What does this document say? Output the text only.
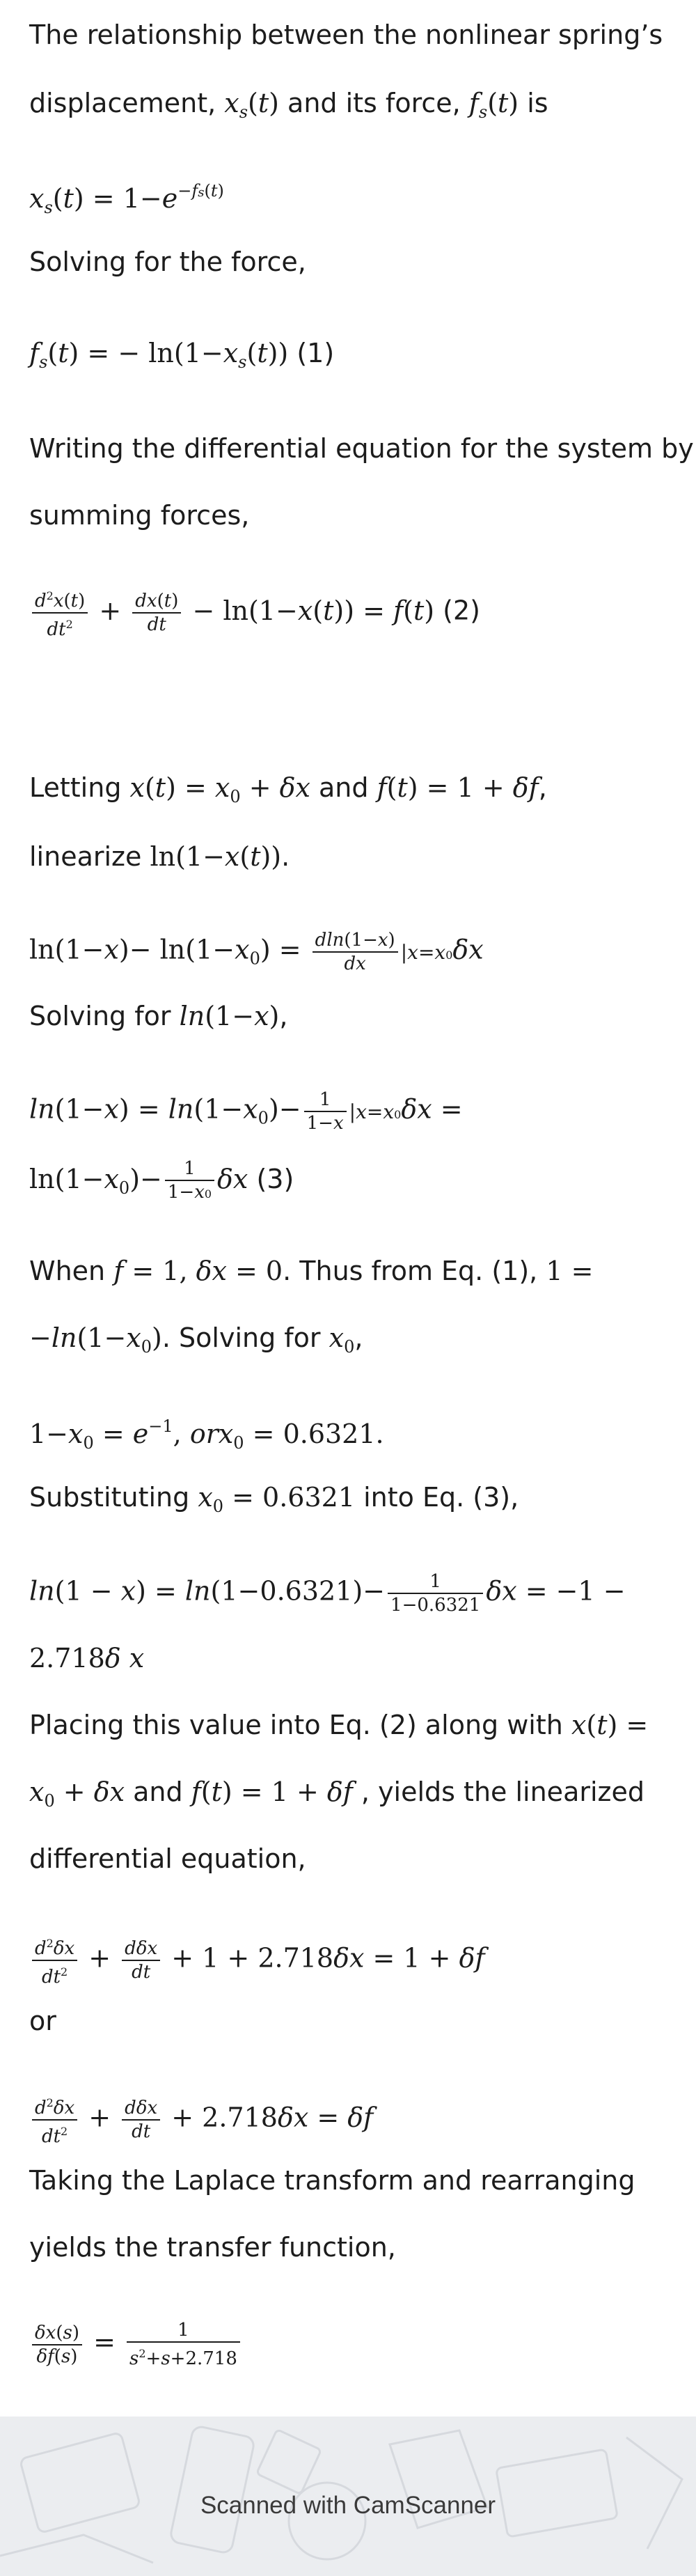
The relationship between the nonlinear spring’s
displacement, $x_s(t)$ and its force, $f_s(t)$ is
$x_s(t) = 1-e^{-fs(t)}$
Solving for the force,
$f_s(t)$ = − $\ln(1-x_s(t))$ (1)
Writing the differential equation for the system by
summing forces,
$\frac{d^2x(t)}{dt^2} + \frac{dx(t)}{dt} - \ln(1-x(t)) = f(t)$ (2)
Letting $x(t) = x_0 + \delta x$ and f(t) = 1 + δf,
linearize ln(1−x(t)).
$\ln(1-x)- \ln(1-x_0) = \frac{dln(1-x)}{dx} |x=x0\delta x$
Solving for ln(1−x),
$\ln(1-x) = \ln(1-x_0)- \frac{1}{1-x} |x=x0\delta x$ =
$\ln(1-x_0)- \frac{1}{1-x0}$ δx (3)
When f = 1, δx = 0. Thus from Eq. (1), 1 =
$-\ln(1-x_0)$. Solving for $x_0$,
$1-x_0 = e^{-1}$, orx$_0$ = 0.6321.
Substituting $x_0 = 0.6321$ into Eq. (3),
$\ln(1 - x) = \ln(1-0.6321)- \frac{1}{1-0.6321}$ δx = −1 −
2.718δ x
Placing this value into Eq. (2) along with x(t) =
$x_0 + \delta x$ and f(t) = 1 + δf , yields the linearized
differential equation,
$\frac{d^2\delta x}{dt^2} + \frac{\text{dδx}}{dt} + 1 + 2.718\delta x = 1 + \delta f$
or
$\frac{d^2\delta x}{dt^2} + \frac{\text{dδx}}{dt} + 2.718\delta x = \delta f$
Taking the Laplace transform and rearranging
yields the transfer function,
$\frac{\delta x(s)}{\delta f(s)} = \frac{1}{s^2+s+2.718}$
Scanned with CamScanner
